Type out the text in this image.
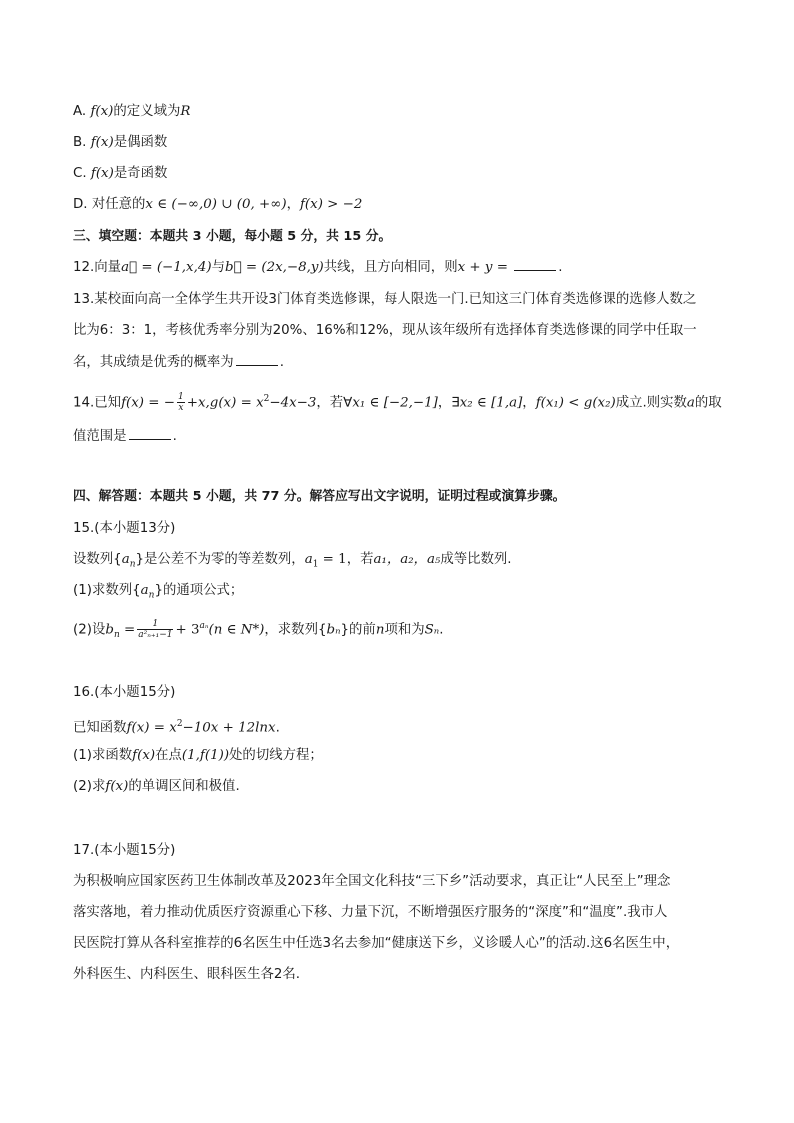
A. f(x)的定义域为R
B. f(x)是偶函数
C. f(x)是奇函数
D. 对任意的x ∈ (−∞,0) ∪ (0, +∞)，f(x) > −2
三、填空题：本题共 3 小题，每小题 5 分，共 15 分。
12.向量a⃗ = (−1,x,4)与b⃗ = (2x,−8,y)共线，且方向相同，则x + y =	.
13.某校面向高一全体学生共开设3门体育类选修课，每人限选一门.已知这三门体育类选修课的选修人数之
比为6：3：1，考核优秀率分别为20%、16%和12%，现从该年级所有选择体育类选修课的同学中任取一
名，其成绩是优秀的概率为	.
14.已知f(x) = − $\frac{1}{x} +x,g(x) = x^2-4x-3$，若∀x₁ ∈ [−2,−1]，∃x₂ ∈ [1,a]，f(x₁) < g(x₂)成立.则实数a的取
值范围是	.
四、解答题：本题共 5 小题，共 77 分。解答应写出文字说明，证明过程或演算步骤。
15.(本小题13分)
设数列$\{a_n\}$是公差不为零的等差数列，$a_1 = 1$，若a₁，a₂，a₅成等比数列.
(1)求数列$\{a_n\}$的通项公式；
(2)设$b_n = \frac{1}{\text{a²ₙ₊₁−1}} + 3^{a_n}(n$ ∈ N*)，求数列{bₙ}的前n项和为Sₙ.
16.(本小题15分)
已知函数$f(x) = x^2-10x + 12\ln x$.
(1)求函数f(x)在点(1,f(1))处的切线方程；
(2)求f(x)的单调区间和极值.
17.(本小题15分)
为积极响应国家医药卫生体制改革及2023年全国文化科技“三下乡”活动要求，真正让“人民至上”理念
落实落地，着力推动优质医疗资源重心下移、力量下沉，不断增强医疗服务的“深度”和“温度”.我市人
民医院打算从各科室推荐的6名医生中任选3名去参加“健康送下乡，义诊暖人心”的活动.这6名医生中，
外科医生、内科医生、眼科医生各2名.
